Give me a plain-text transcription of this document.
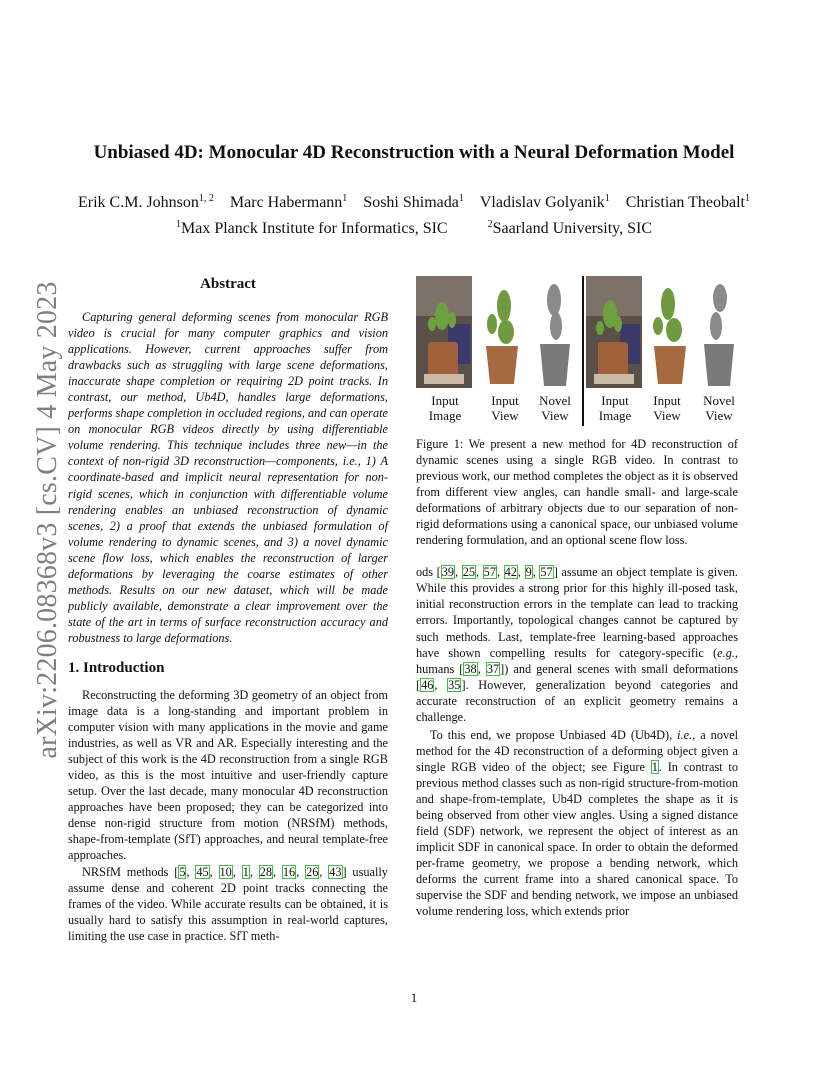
arXiv:2206.08368v3 [cs.CV] 4 May 2023
Unbiased 4D: Monocular 4D Reconstruction with a Neural Deformation Model
Erik C.M. Johnson$^{1, 2}$ Marc Habermann$^1$ Soshi Shimada$^1$ Vladislav Golyanik$^1$ Christian Theobalt$^1$
$^1$Max Planck Institute for Informatics, SIC	$^2$Saarland University, SIC
Abstract

Capturing general deforming scenes from monocular RGB video is crucial for many computer graphics and vision applications. However, current approaches suffer from drawbacks such as struggling with large scene deformations, inaccurate shape completion or requiring 2D point tracks. In contrast, our method, Ub4D, handles large deformations, performs shape completion in occluded regions, and can operate on monocular RGB videos directly by using differentiable volume rendering. This technique includes three new—in the context of non-rigid 3D reconstruction—components, i.e., 1) A coordinate-based and implicit neural representation for non-rigid scenes, which in conjunction with differentiable volume rendering enables an unbiased reconstruction of dynamic scenes, 2) a proof that extends the unbiased formulation of volume rendering to dynamic scenes, and 3) a novel dynamic scene flow loss, which enables the reconstruction of larger deformations by leveraging the coarse estimates of other methods. Results on our new dataset, which will be made publicly available, demonstrate a clear improvement over the state of the art in terms of surface reconstruction accuracy and robustness to large deformations.

1. Introduction

Reconstructing the deforming 3D geometry of an object from image data is a long-standing and important problem in computer vision with many applications in the movie and game industries, as well as VR and AR. Especially interesting and the subject of this work is the 4D reconstruction from a single RGB video, as this is the most intuitive and user-friendly capture setup. Over the last decade, many monocular 4D reconstruction approaches have been proposed; they can be categorized into dense non-rigid structure from motion (NRSfM) methods, shape-from-template (SfT) approaches, and neural template-free approaches.

NRSfM methods [5, 45, 10, 1, 28, 16, 26, 43] usually assume dense and coherent 2D point tracks connecting the frames of the video. While accurate results can be obtained, it is usually hard to satisfy this assumption in real-world captures, limiting the use case in practice. SfT meth-

Input
Image
Input
View
Novel
View
Input
Image
Input
View
Novel
View
Figure 1: We present a new method for 4D reconstruction of dynamic scenes using a single RGB video. In contrast to previous work, our method completes the object as it is observed from different view angles, can handle small- and large-scale deformations of arbitrary objects due to our separation of non-rigid deformations using a canonical space, our unbiased volume rendering formulation, and an optional scene flow loss.

ods [39, 25, 57, 42, 9, 57] assume an object template is given. While this provides a strong prior for this highly ill-posed task, initial reconstruction errors in the template can lead to tracking errors. Importantly, topological changes cannot be captured by such methods. Last, template-free learning-based approaches have shown compelling results for category-specific (e.g., humans [38, 37]) and general scenes with small deformations [46, 35]. However, generalization beyond categories and accurate reconstruction of an explicit geometry remains a challenge.

To this end, we propose Unbiased 4D (Ub4D), i.e., a novel method for the 4D reconstruction of a deforming object given a single RGB video of the object; see Figure 1. In contrast to previous method classes such as non-rigid structure-from-motion and shape-from-template, Ub4D completes the shape as it is being observed from other view angles. Using a signed distance field (SDF) network, we represent the object of interest as an implicit SDF in canonical space. In order to obtain the deformed per-frame geometry, we propose a bending network, which deforms the current frame into a shared canonical space. To supervise the SDF and bending network, we impose an unbiased volume rendering loss, which extends prior

1
